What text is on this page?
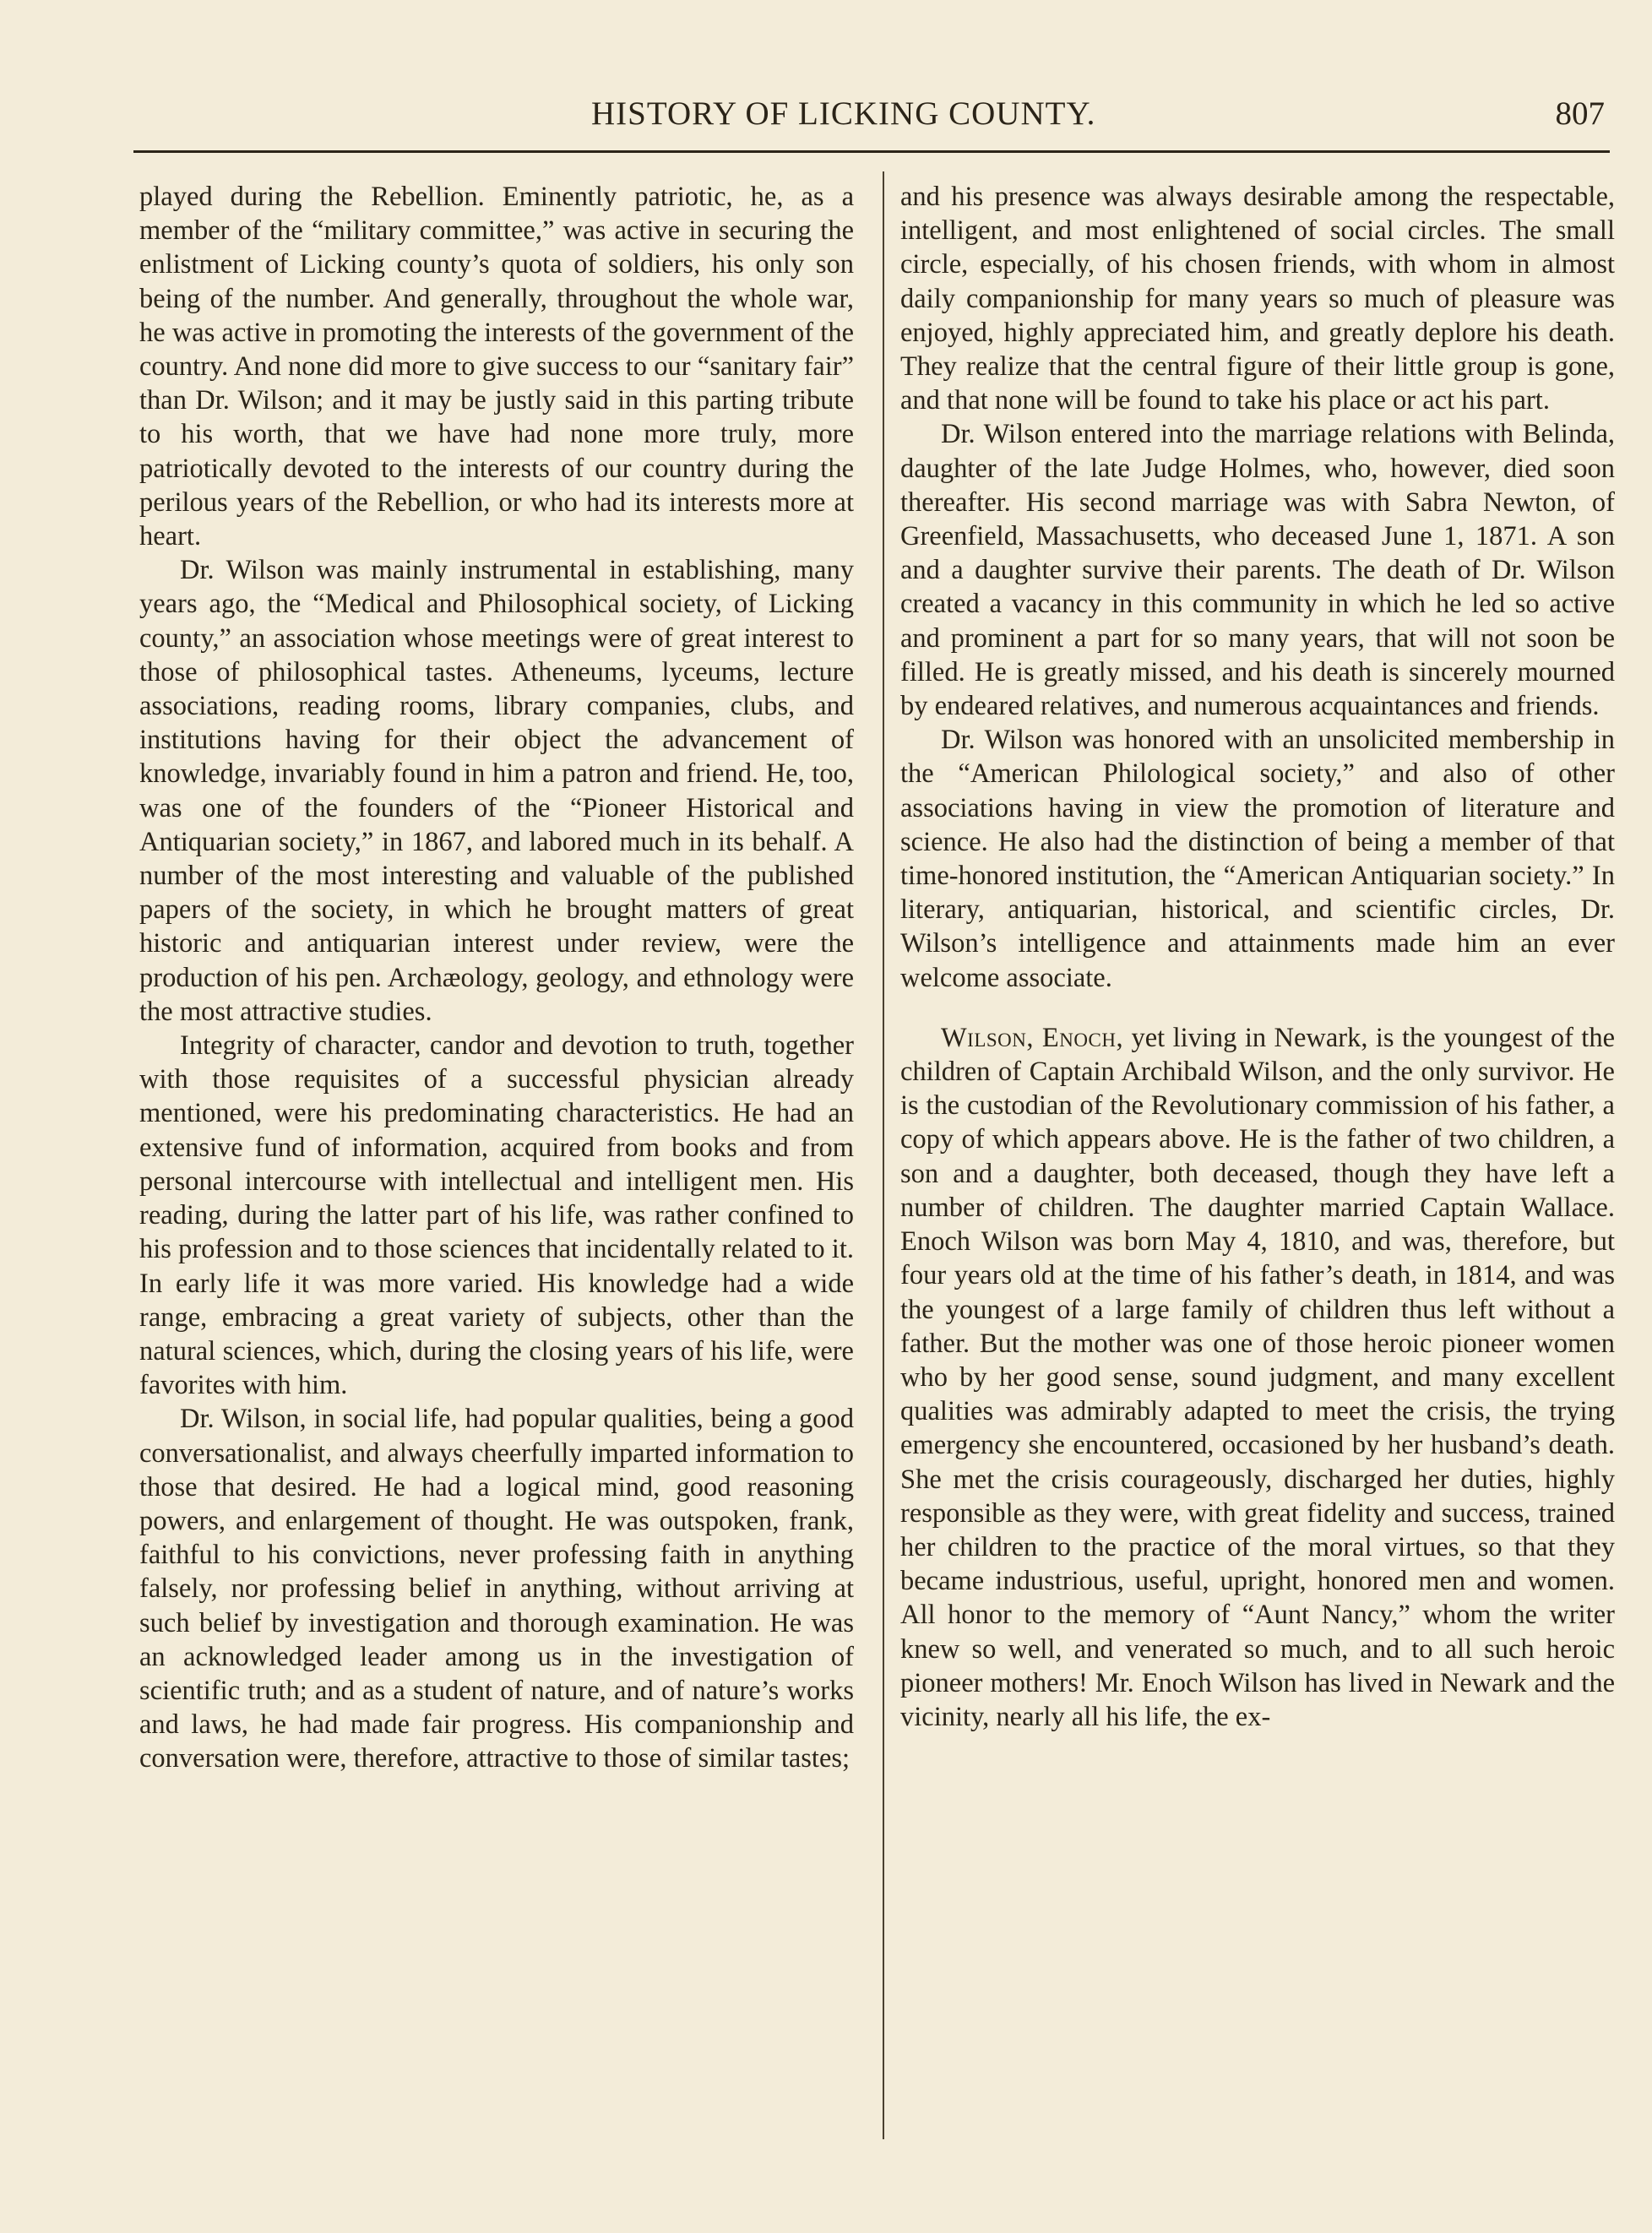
HISTORY OF LICKING COUNTY.	807

played during the Rebellion. Eminently patriotic, he, as a member of the “military committee,” was active in securing the enlistment of Licking county’s quota of soldiers, his only son being of the number. And generally, throughout the whole war, he was active in promoting the interests of the government of the country. And none did more to give success to our “sanitary fair” than Dr. Wilson; and it may be justly said in this parting tribute to his worth, that we have had none more truly, more patriotically devoted to the interests of our country during the perilous years of the Rebellion, or who had its interests more at heart.

Dr. Wilson was mainly instrumental in establishing, many years ago, the “Medical and Philosophical society, of Licking county,” an association whose meetings were of great interest to those of philosophical tastes. Atheneums, lyceums, lecture associations, reading rooms, library companies, clubs, and institutions having for their object the advancement of knowledge, invariably found in him a patron and friend. He, too, was one of the founders of the “Pioneer Historical and Antiquarian society,” in 1867, and labored much in its behalf. A number of the most interesting and valuable of the published papers of the society, in which he brought matters of great historic and antiquarian interest under review, were the production of his pen. Archæology, geology, and ethnology were the most attractive studies.

Integrity of character, candor and devotion to truth, together with those requisites of a successful physician already mentioned, were his predominating characteristics. He had an extensive fund of information, acquired from books and from personal intercourse with intellectual and intelligent men. His reading, during the latter part of his life, was rather confined to his profession and to those sciences that incidentally related to it. In early life it was more varied. His knowledge had a wide range, embracing a great variety of subjects, other than the natural sciences, which, during the closing years of his life, were favorites with him.

Dr. Wilson, in social life, had popular qualities, being a good conversationalist, and always cheerfully imparted information to those that desired. He had a logical mind, good reasoning powers, and enlargement of thought. He was outspoken, frank, faithful to his convictions, never professing faith in anything falsely, nor professing belief in anything, without arriving at such belief by investigation and thorough examination. He was an acknowledged leader among us in the investigation of scientific truth; and as a student of nature, and of nature’s works and laws, he had made fair progress. His companionship and conversation were, therefore, attractive to those of similar tastes;

and his presence was always desirable among the respectable, intelligent, and most enlightened of social circles. The small circle, especially, of his chosen friends, with whom in almost daily companionship for many years so much of pleasure was enjoyed, highly appreciated him, and greatly deplore his death. They realize that the central figure of their little group is gone, and that none will be found to take his place or act his part.

Dr. Wilson entered into the marriage relations with Belinda, daughter of the late Judge Holmes, who, however, died soon thereafter. His second marriage was with Sabra Newton, of Greenfield, Massachusetts, who deceased June 1, 1871. A son and a daughter survive their parents. The death of Dr. Wilson created a vacancy in this community in which he led so active and prominent a part for so many years, that will not soon be filled. He is greatly missed, and his death is sincerely mourned by endeared relatives, and numerous acquaintances and friends.

Dr. Wilson was honored with an unsolicited membership in the “American Philological society,” and also of other associations having in view the promotion of literature and science. He also had the distinction of being a member of that time-honored institution, the “American Antiquarian society.” In literary, antiquarian, historical, and scientific circles, Dr. Wilson’s intelligence and attainments made him an ever welcome associate.

Wilson, Enoch, yet living in Newark, is the youngest of the children of Captain Archibald Wilson, and the only survivor. He is the custodian of the Revolutionary commission of his father, a copy of which appears above. He is the father of two children, a son and a daughter, both deceased, though they have left a number of children. The daughter married Captain Wallace. Enoch Wilson was born May 4, 1810, and was, therefore, but four years old at the time of his father’s death, in 1814, and was the youngest of a large family of children thus left without a father. But the mother was one of those heroic pioneer women who by her good sense, sound judgment, and many excellent qualities was admirably adapted to meet the crisis, the trying emergency she encountered, occasioned by her husband’s death. She met the crisis courageously, discharged her duties, highly responsible as they were, with great fidelity and success, trained her children to the practice of the moral virtues, so that they became industrious, useful, upright, honored men and women. All honor to the memory of “Aunt Nancy,” whom the writer knew so well, and venerated so much, and to all such heroic pioneer mothers! Mr. Enoch Wilson has lived in Newark and the vicinity, nearly all his life, the ex-
